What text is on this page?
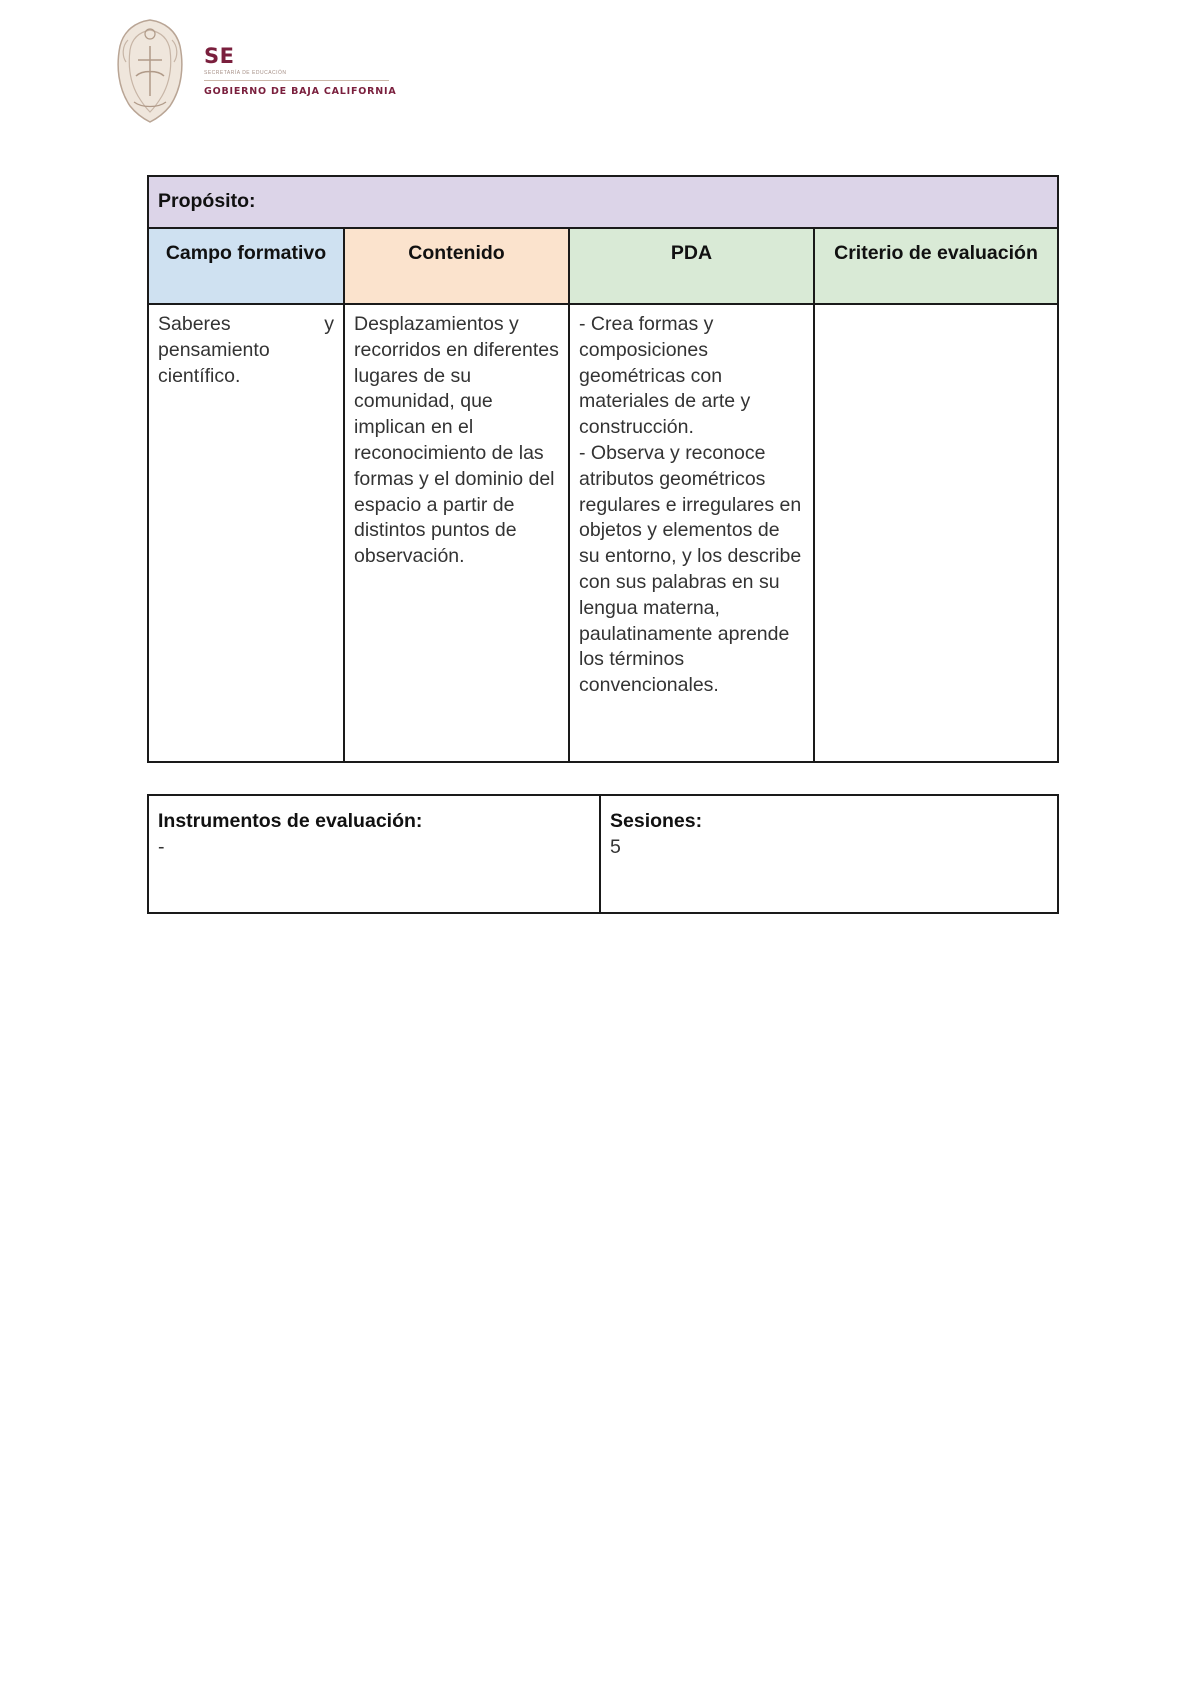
SE
SECRETARÍA DE EDUCACIÓN
GOBIERNO DE BAJA CALIFORNIA
Propósito:			
Campo formativo	Contenido	PDA	Criterio de evaluación
Saberes y pensamiento científico.	Desplazamientos y recorridos en diferentes lugares de su comunidad, que implican en el reconocimiento de las formas y el dominio del espacio a partir de distintos puntos de observación.	- Crea formas y composiciones geométricas con materiales de arte y construcción.
- Observa y reconoce atributos geométricos regulares e irregulares en objetos y elementos de su entorno, y los describe con sus palabras en su lengua materna, paulatinamente aprende los términos convencionales.	
Instrumentos de evaluación:
-

Sesiones:
5
